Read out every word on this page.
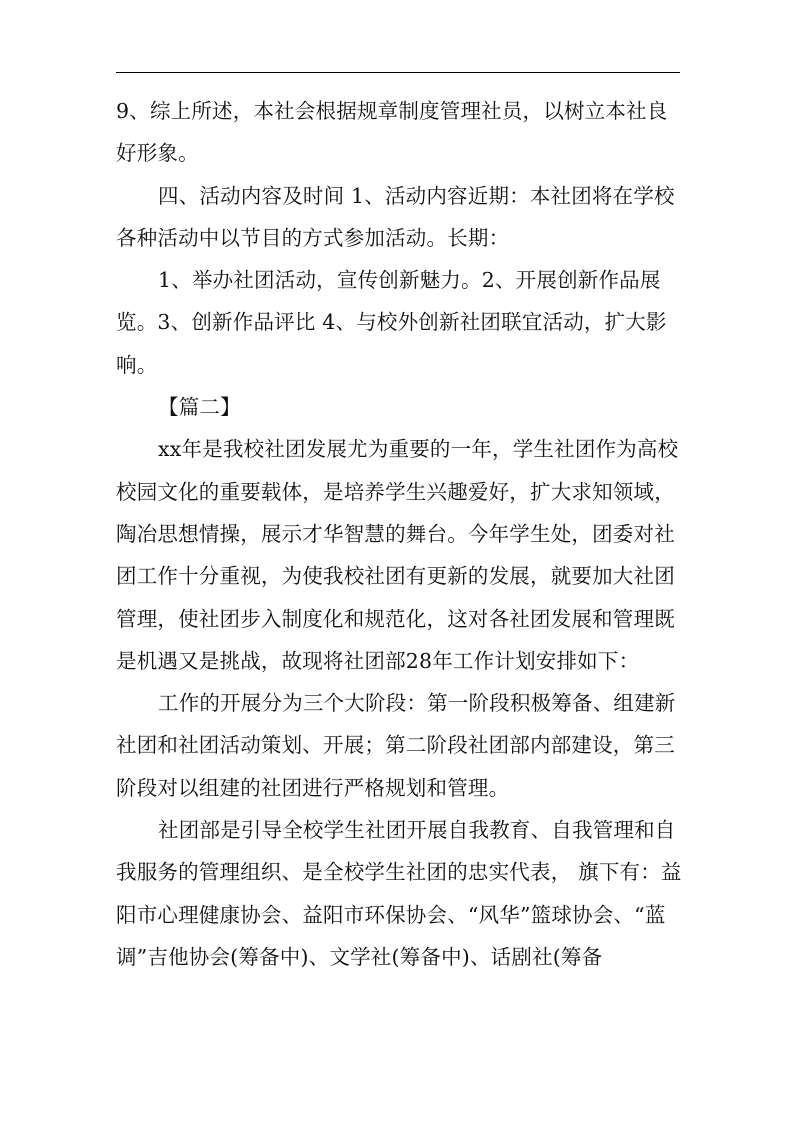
9、综上所述，本社会根据规章制度管理社员，以树立本社良好形象。

四、活动内容及时间 1、活动内容近期：本社团将在学校各种活动中以节目的方式参加活动。长期：

1、举办社团活动，宣传创新魅力。2、开展创新作品展览。3、创新作品评比 4、与校外创新社团联宜活动，扩大影响。

【篇二】

xx年是我校社团发展尤为重要的一年，学生社团作为高校校园文化的重要载体，是培养学生兴趣爱好，扩大求知领域，陶冶思想情操，展示才华智慧的舞台。今年学生处，团委对社团工作十分重视，为使我校社团有更新的发展，就要加大社团管理，使社团步入制度化和规范化，这对各社团发展和管理既是机遇又是挑战，故现将社团部28年工作计划安排如下：

工作的开展分为三个大阶段：第一阶段积极筹备、组建新社团和社团活动策划、开展；第二阶段社团部内部建设，第三阶段对以组建的社团进行严格规划和管理。

社团部是引导全校学生社团开展自我教育、自我管理和自我服务的管理组织、是全校学生社团的忠实代表， 旗下有：益阳市心理健康协会、益阳市环保协会、“风华”篮球协会、“蓝调”吉他协会(筹备中)、文学社(筹备中)、话剧社(筹备
